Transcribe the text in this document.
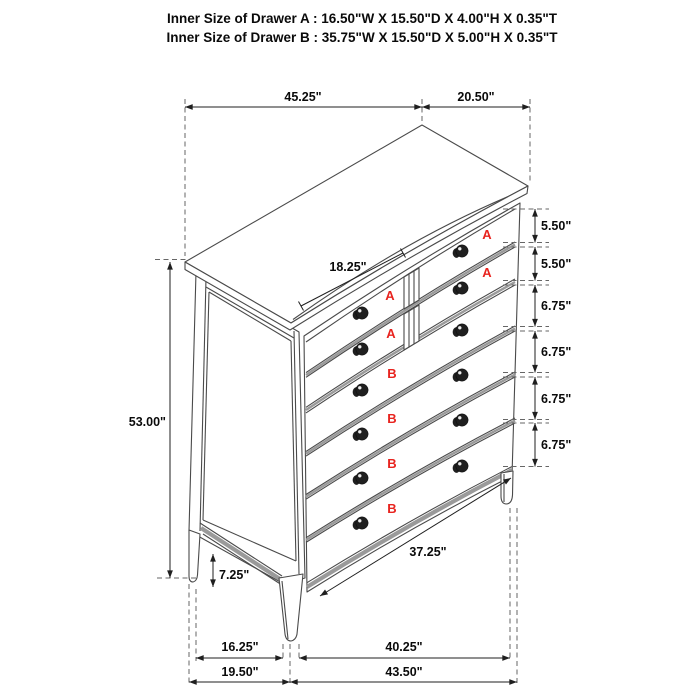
45.25"	20.50"
5.50"
5.50"
6.75"
6.75"
6.75"
6.75"
53.00"
7.25"
18.25"
37.25"
16.25"	40.25"
19.50"	43.50"
A
A
A
A
B
B
B
B
Inner Size of Drawer A : 16.50"W X 15.50"D X 4.00"H X 0.35"T
Inner Size of Drawer B : 35.75"W X 15.50"D X 5.00"H X 0.35"T
